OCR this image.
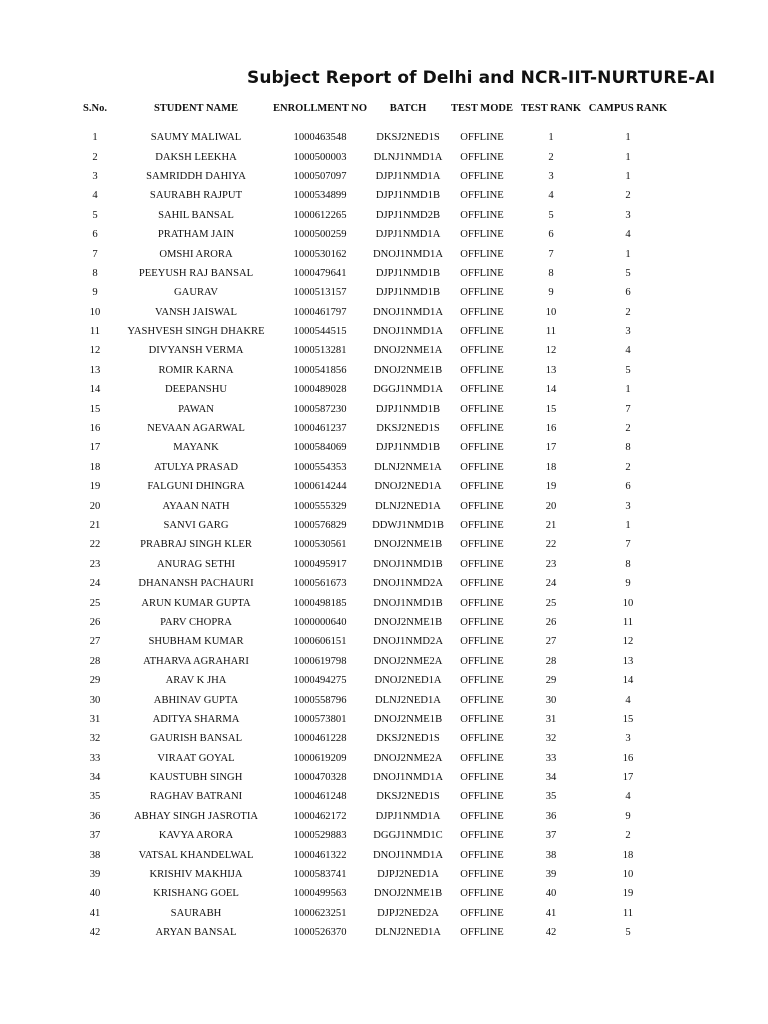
Subject Report of Delhi and NCR-IIT-NURTURE-AI
S.No.	STUDENT NAME	ENROLLMENT NO	BATCH	TEST MODE	TEST RANK	CAMPUS RANK

1	SAUMY MALIWAL	1000463548	DKSJ2NED1S	OFFLINE	1	1
2	DAKSH LEEKHA	1000500003	DLNJ1NMD1A	OFFLINE	2	1
3	SAMRIDDH DAHIYA	1000507097	DJPJ1NMD1A	OFFLINE	3	1
4	SAURABH RAJPUT	1000534899	DJPJ1NMD1B	OFFLINE	4	2
5	SAHIL BANSAL	1000612265	DJPJ1NMD2B	OFFLINE	5	3
6	PRATHAM JAIN	1000500259	DJPJ1NMD1A	OFFLINE	6	4
7	OMSHI ARORA	1000530162	DNOJ1NMD1A	OFFLINE	7	1
8	PEEYUSH RAJ BANSAL	1000479641	DJPJ1NMD1B	OFFLINE	8	5
9	GAURAV	1000513157	DJPJ1NMD1B	OFFLINE	9	6
10	VANSH JAISWAL	1000461797	DNOJ1NMD1A	OFFLINE	10	2
11	YASHVESH SINGH DHAKRE	1000544515	DNOJ1NMD1A	OFFLINE	11	3
12	DIVYANSH VERMA	1000513281	DNOJ2NME1A	OFFLINE	12	4
13	ROMIR KARNA	1000541856	DNOJ2NME1B	OFFLINE	13	5
14	DEEPANSHU	1000489028	DGGJ1NMD1A	OFFLINE	14	1
15	PAWAN	1000587230	DJPJ1NMD1B	OFFLINE	15	7
16	NEVAAN AGARWAL	1000461237	DKSJ2NED1S	OFFLINE	16	2
17	MAYANK	1000584069	DJPJ1NMD1B	OFFLINE	17	8
18	ATULYA PRASAD	1000554353	DLNJ2NME1A	OFFLINE	18	2
19	FALGUNI DHINGRA	1000614244	DNOJ2NED1A	OFFLINE	19	6
20	AYAAN NATH	1000555329	DLNJ2NED1A	OFFLINE	20	3
21	SANVI GARG	1000576829	DDWJ1NMD1B	OFFLINE	21	1
22	PRABRAJ SINGH KLER	1000530561	DNOJ2NME1B	OFFLINE	22	7
23	ANURAG SETHI	1000495917	DNOJ1NMD1B	OFFLINE	23	8
24	DHANANSH PACHAURI	1000561673	DNOJ1NMD2A	OFFLINE	24	9
25	ARUN KUMAR GUPTA	1000498185	DNOJ1NMD1B	OFFLINE	25	10
26	PARV CHOPRA	1000000640	DNOJ2NME1B	OFFLINE	26	11
27	SHUBHAM KUMAR	1000606151	DNOJ1NMD2A	OFFLINE	27	12
28	ATHARVA AGRAHARI	1000619798	DNOJ2NME2A	OFFLINE	28	13
29	ARAV K JHA	1000494275	DNOJ2NED1A	OFFLINE	29	14
30	ABHINAV GUPTA	1000558796	DLNJ2NED1A	OFFLINE	30	4
31	ADITYA SHARMA	1000573801	DNOJ2NME1B	OFFLINE	31	15
32	GAURISH BANSAL	1000461228	DKSJ2NED1S	OFFLINE	32	3
33	VIRAAT GOYAL	1000619209	DNOJ2NME2A	OFFLINE	33	16
34	KAUSTUBH SINGH	1000470328	DNOJ1NMD1A	OFFLINE	34	17
35	RAGHAV BATRANI	1000461248	DKSJ2NED1S	OFFLINE	35	4
36	ABHAY SINGH JASROTIA	1000462172	DJPJ1NMD1A	OFFLINE	36	9
37	KAVYA ARORA	1000529883	DGGJ1NMD1C	OFFLINE	37	2
38	VATSAL KHANDELWAL	1000461322	DNOJ1NMD1A	OFFLINE	38	18
39	KRISHIV MAKHIJA	1000583741	DJPJ2NED1A	OFFLINE	39	10
40	KRISHANG GOEL	1000499563	DNOJ2NME1B	OFFLINE	40	19
41	SAURABH	1000623251	DJPJ2NED2A	OFFLINE	41	11
42	ARYAN BANSAL	1000526370	DLNJ2NED1A	OFFLINE	42	5
